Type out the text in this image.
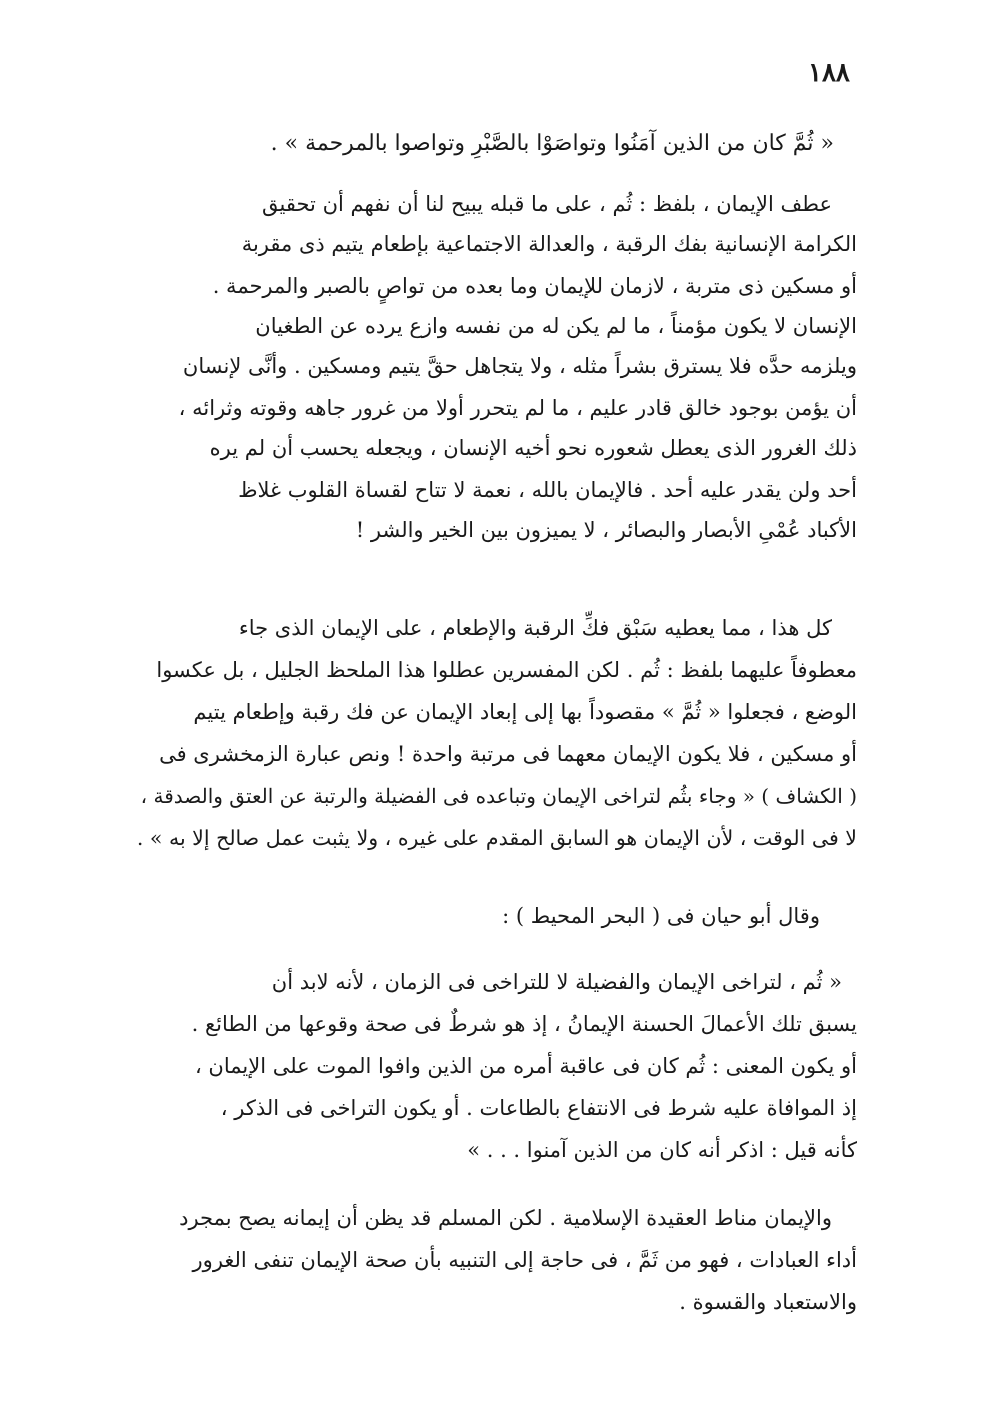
١٨٨
« ثُمَّ كان من الذين آمَنُوا وتواصَوْا بالصَّبْرِ وتواصوا بالمرحمة » .
عطف الإيمان ، بلفظ : ثُم ، على ما قبله يبيح لنا أن نفهم أن تحقيق
الكرامة الإنسانية بفك الرقبة ، والعدالة الاجتماعية بإطعام يتيم ذى مقربة
أو مسكين ذى متربة ، لازمان للإيمان وما بعده من تواصٍ بالصبر والمرحمة .
الإنسان لا يكون مؤمناً ، ما لم يكن له من نفسه وازع يرده عن الطغيان
ويلزمه حدَّه فلا يسترق بشراً مثله ، ولا يتجاهل حقَّ يتيم ومسكين . وأنَّى لإنسان
أن يؤمن بوجود خالق قادر عليم ، ما لم يتحرر أولا من غرور جاهه وقوته وثرائه ،
ذلك الغرور الذى يعطل شعوره نحو أخيه الإنسان ، ويجعله يحسب أن لم يره
أحد ولن يقدر عليه أحد . فالإيمان بالله ، نعمة لا تتاح لقساة القلوب غلاظ
الأكباد عُمْىِ الأبصار والبصائر ، لا يميزون بين الخير والشر !
كل هذا ، مما يعطيه سَبْق فكِّ الرقبة والإطعام ، على الإيمان الذى جاء
معطوفاً عليهما بلفظ : ثُم . لكن المفسرين عطلوا هذا الملحظ الجليل ، بل عكسوا
الوضع ، فجعلوا « ثُمَّ » مقصوداً بها إلى إبعاد الإيمان عن فك رقبة وإطعام يتيم
أو مسكين ، فلا يكون الإيمان معهما فى مرتبة واحدة ! ونص عبارة الزمخشرى فى
( الكشاف ) « وجاء بثُم لتراخى الإيمان وتباعده فى الفضيلة والرتبة عن العتق والصدقة ،
لا فى الوقت ، لأن الإيمان هو السابق المقدم على غيره ، ولا يثبت عمل صالح إلا به » .
وقال أبو حيان فى ( البحر المحيط ) :
« ثُم ، لتراخى الإيمان والفضيلة لا للتراخى فى الزمان ، لأنه لابد أن
يسبق تلك الأعمالَ الحسنة الإيمانُ ، إذ هو شرطٌ فى صحة وقوعها من الطائع .
أو يكون المعنى : ثُم كان فى عاقبة أمره من الذين وافوا الموت على الإيمان ،
إذ الموافاة عليه شرط فى الانتفاع بالطاعات . أو يكون التراخى فى الذكر ،
كأنه قيل : اذكر أنه كان من الذين آمنوا . . . »
والإيمان مناط العقيدة الإسلامية . لكن المسلم قد يظن أن إيمانه يصح بمجرد
أداء العبادات ، فهو من ثَمَّ ، فى حاجة إلى التنبيه بأن صحة الإيمان تنفى الغرور
والاستعباد والقسوة .
